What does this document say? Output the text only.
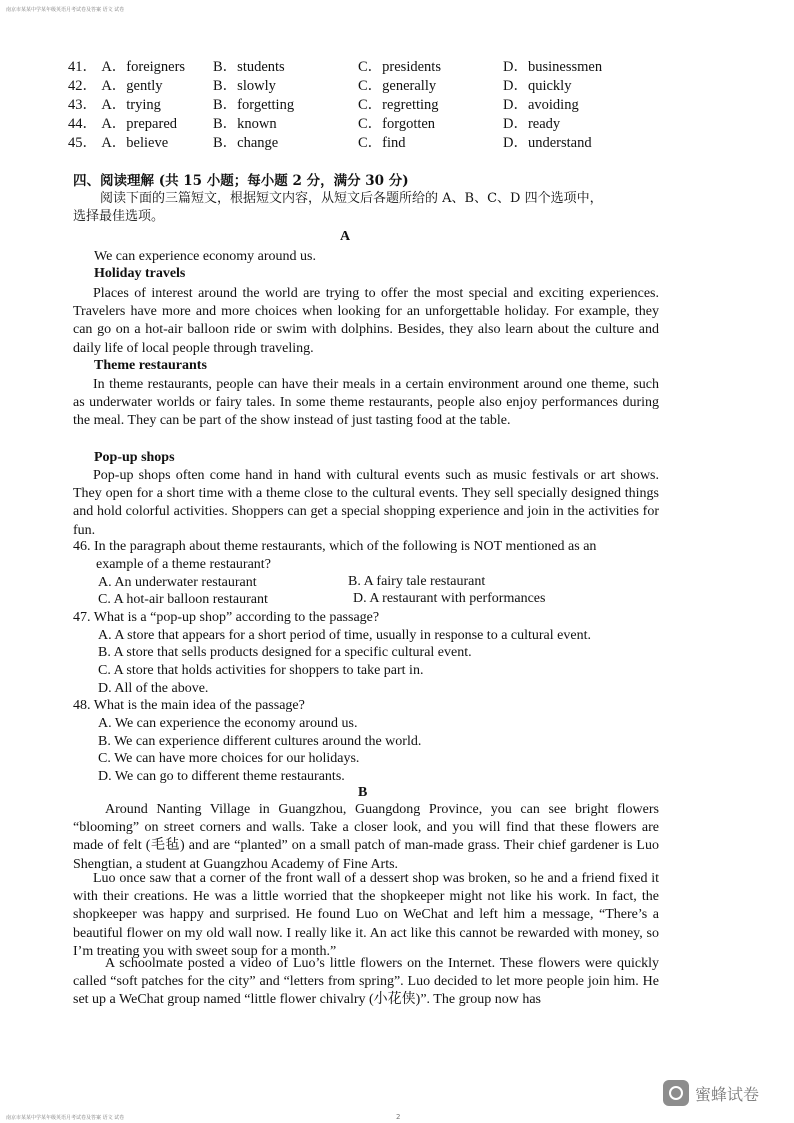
南京市某某中学某年级英语月考试卷及答案 语文 试卷
41． A．foreigners	B．students	C．presidents	D．businessmen
42． A．gently	B．slowly	C．generally	D．quickly
43． A．trying	B．forgetting	C．regretting	D．avoiding
44． A．prepared	B．known	C．forgotten	D．ready
45． A．believe	B．change	C．find	D．understand
四、阅读理解 (共 15 小题；每小题 2 分，满分 30 分)
阅读下面的三篇短文，根据短文内容，从短文后各题所给的 A、B、C、D 四个选项中，
选择最佳选项。
A
We can experience economy around us.
Holiday travels
Places of interest around the world are trying to offer the most special and exciting experiences. Travelers have more and more choices when looking for an unforgettable holiday. For example, they can go on a hot-air balloon ride or swim with dolphins. Besides, they also learn about the culture and daily life of local people through traveling.
Theme restaurants
In theme restaurants, people can have their meals in a certain environment around one theme, such as underwater worlds or fairy tales. In some theme restaurants, people also enjoy performances during the meal. They can be part of the show instead of just tasting food at the table.
Pop-up shops
Pop-up shops often come hand in hand with cultural events such as music festivals or art shows. They open for a short time with a theme close to the cultural events. They sell specially designed things and hold colorful activities. Shoppers can get a special shopping experience and join in the activities for fun.
46. In the paragraph about theme restaurants, which of the following is NOT mentioned as an
example of a theme restaurant?
A. An underwater restaurant	B. A fairy tale restaurant
C. A hot-air balloon restaurant	D. A restaurant with performances
47. What is a “pop-up shop” according to the passage?
A. A store that appears for a short period of time, usually in response to a cultural event.
B. A store that sells products designed for a specific cultural event.
C. A store that holds activities for shoppers to take part in.
D. All of the above.
48. What is the main idea of the passage?
A. We can experience the economy around us.
B. We can experience different cultures around the world.
C. We can have more choices for our holidays.
D. We can go to different theme restaurants.
B
Around Nanting Village in Guangzhou, Guangdong Province, you can see bright flowers “blooming” on street corners and walls. Take a closer look, and you will find that these flowers are made of felt (毛毡) and are “planted” on a small patch of man-made grass. Their chief gardener is Luo Shengtian, a student at Guangzhou Academy of Fine Arts.
Luo once saw that a corner of the front wall of a dessert shop was broken, so he and a friend fixed it with their creations. He was a little worried that the shopkeeper might not like his work. In fact, the shopkeeper was happy and surprised. He found Luo on WeChat and left him a message, “There’s a beautiful flower on my old wall now. I really like it. An act like this cannot be rewarded with money, so I’m treating you with sweet soup for a month.”
A schoolmate posted a video of Luo’s little flowers on the Internet. These flowers were quickly called “soft patches for the city” and “letters from spring”. Luo decided to let more people join him. He set up a WeChat group named “little flower chivalry (小花侠)”. The group now has
蜜蜂试卷
南京市某某中学某年级英语月考试卷及答案 语文 试卷	2
